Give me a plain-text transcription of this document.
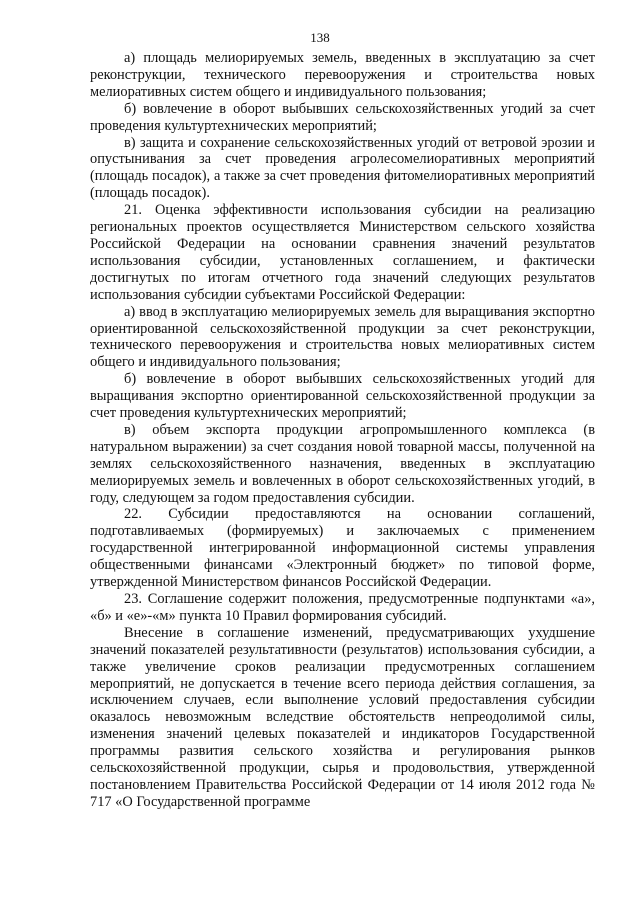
138

а) площадь мелиорируемых земель, введенных в эксплуатацию за счет реконструкции, технического перевооружения и строительства новых мелиоративных систем общего и индивидуального пользования;

б) вовлечение в оборот выбывших сельскохозяйственных угодий за счет проведения культуртехнических мероприятий;

в) защита и сохранение сельскохозяйственных угодий от ветровой эрозии и опустынивания за счет проведения агролесомелиоративных мероприятий (площадь посадок), а также за счет проведения фитомелиоративных мероприятий (площадь посадок).

21. Оценка эффективности использования субсидии на реализацию региональных проектов осуществляется Министерством сельского хозяйства Российской Федерации на основании сравнения значений результатов использования субсидии, установленных соглашением, и фактически достигнутых по итогам отчетного года значений следующих результатов использования субсидии субъектами Российской Федерации:

а) ввод в эксплуатацию мелиорируемых земель для выращивания экспортно ориентированной сельскохозяйственной продукции за счет реконструкции, технического перевооружения и строительства новых мелиоративных систем общего и индивидуального пользования;

б) вовлечение в оборот выбывших сельскохозяйственных угодий для выращивания экспортно ориентированной сельскохозяйственной продукции за счет проведения культуртехнических мероприятий;

в) объем экспорта продукции агропромышленного комплекса (в натуральном выражении) за счет создания новой товарной массы, полученной на землях сельскохозяйственного назначения, введенных в эксплуатацию мелиорируемых земель и вовлеченных в оборот сельскохозяйственных угодий, в году, следующем за годом предоставления субсидии.

22. Субсидии предоставляются на основании соглашений, подготавливаемых (формируемых) и заключаемых с применением государственной интегрированной информационной системы управления общественными финансами «Электронный бюджет» по типовой форме, утвержденной Министерством финансов Российской Федерации.

23. Соглашение содержит положения, предусмотренные подпунктами «а», «б» и «е»-«м» пункта 10 Правил формирования субсидий.

Внесение в соглашение изменений, предусматривающих ухудшение значений показателей результативности (результатов) использования субсидии, а также увеличение сроков реализации предусмотренных соглашением мероприятий, не допускается в течение всего периода действия соглашения, за исключением случаев, если выполнение условий предоставления субсидии оказалось невозможным вследствие обстоятельств непреодолимой силы, изменения значений целевых показателей и индикаторов Государственной программы развития сельского хозяйства и регулирования рынков сельскохозяйственной продукции, сырья и продовольствия, утвержденной постановлением Правительства Российской Федерации от 14 июля 2012 года № 717 «О Государственной программе
